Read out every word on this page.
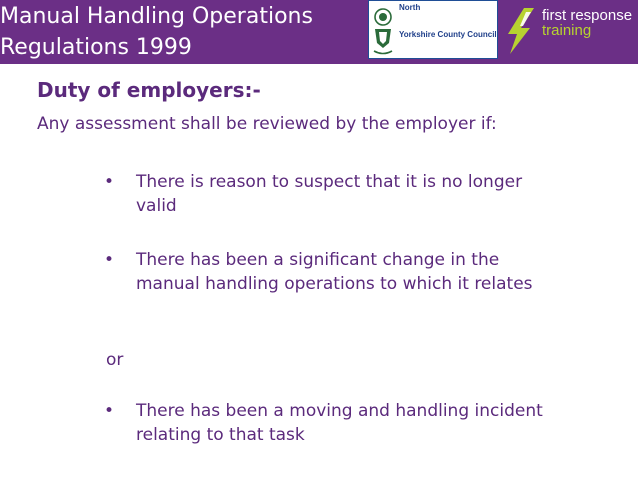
Manual Handling Operations
Regulations 1999
North
Yorkshire County Council
first response
training
Duty of employers:-
Any assessment shall be reviewed by the employer if:
•	There is reason to suspect that it is no longer valid
•	There has been a significant change in the manual handling operations to which it relates
or
•	There has been a moving and handling incident relating to that task
